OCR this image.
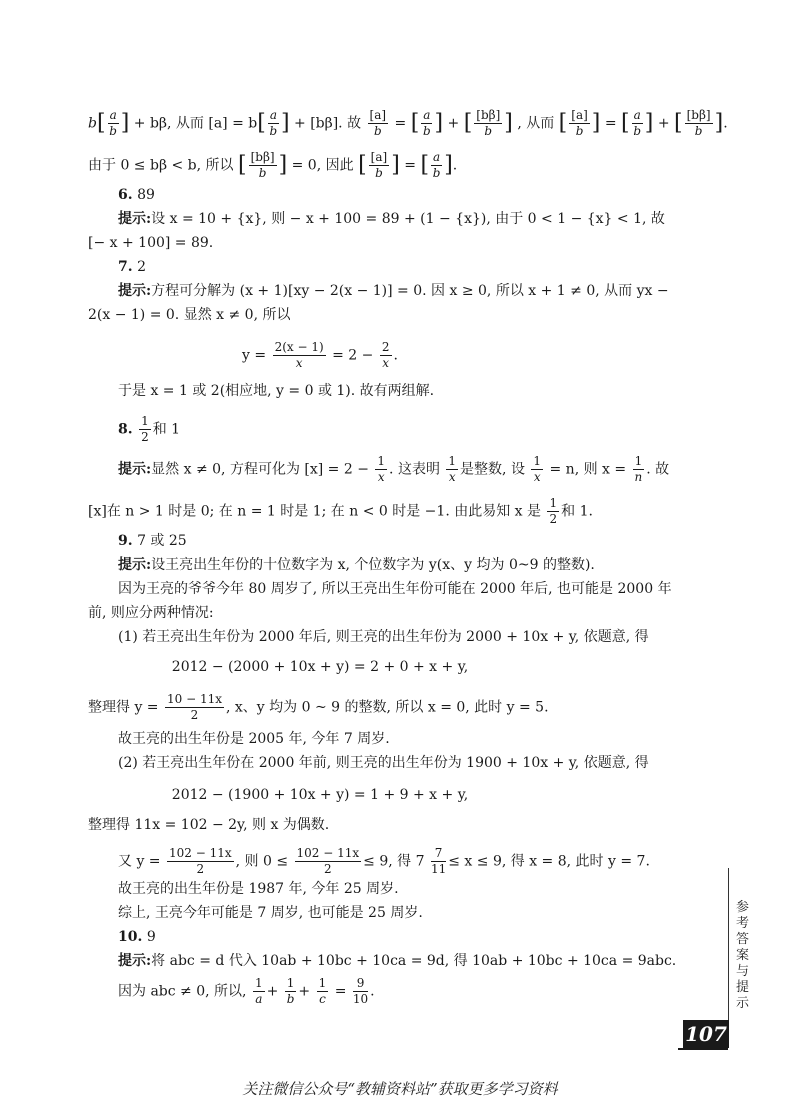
$b[ \frac{a}{b}$ ] + bβ, 从而 $[a] = b[ \frac{a}{b}$ ] + [bβ]. 故 $\frac{[a]}{b}$ = [ $\frac{a}{b}$ ] + [ $\frac{[b\beta]}{b}$ ] , 从而 [ $\frac{[a]}{b}$ ] = [ $\frac{a}{b}$ ] + [ $\frac{[b\beta]}{b}$ ].
由于 0 ≤ bβ < b, 所以 [ $\frac{[b\beta]}{b}$ ] = 0, 因此 [ $\frac{[a]}{b}$ ] = [ $\frac{a}{b}$ ].
6. 89
提示:设 x = 10 + {x}, 则 − x + 100 = 89 + (1 − {x}), 由于 0 < 1 − {x} < 1, 故
[− x + 100] = 89.
7. 2
提示:方程可分解为 (x + 1)[xy − 2(x − 1)] = 0. 因 x ≥ 0, 所以 x + 1 ≠ 0, 从而 yx −
2(x − 1) = 0. 显然 x ≠ 0, 所以
$y = \frac{2(x - 1)}{x} = 2 - \frac{2}{x}$ .
于是 x = 1 或 2(相应地, y = 0 或 1). 故有两组解.
8. $\frac{1}{2}$ 和 1
提示:显然 x ≠ 0, 方程可化为 $[x] = 2 - \frac{1}{x}$ . 这表明 $\frac{1}{x}$ 是整数, 设 $\frac{1}{x} = n$, 则 $x = \frac{1}{n}$ . 故
[x]在 n > 1 时是 0; 在 n = 1 时是 1; 在 n < 0 时是 −1. 由此易知 x 是 $\frac{1}{2}$ 和 1.
9. 7 或 25
提示:设王亮出生年份的十位数字为 x, 个位数字为 y(x、y 均为 0~9 的整数).
因为王亮的爷爷今年 80 周岁了, 所以王亮出生年份可能在 2000 年后, 也可能是 2000 年
前, 则应分两种情况:
(1) 若王亮出生年份为 2000 年后, 则王亮的出生年份为 2000 + 10x + y, 依题意, 得
2012 − (2000 + 10x + y) = 2 + 0 + x + y,
整理得 $y = \frac{10 - 11x}{2}$ , x、y 均为 0 ~ 9 的整数, 所以 x = 0, 此时 y = 5.
故王亮的出生年份是 2005 年, 今年 7 周岁.
(2) 若王亮出生年份在 2000 年前, 则王亮的出生年份为 1900 + 10x + y, 依题意, 得
2012 − (1900 + 10x + y) = 1 + 9 + x + y,
整理得 11x = 102 − 2y, 则 x 为偶数.
又 $y = \frac{102 - 11x}{2}$ , 则 $0 \le \frac{102 - 11x}{2} \le 9$, 得 $7 \frac{7}{11} \le x \le 9$, 得 x = 8, 此时 y = 7.
故王亮的出生年份是 1987 年, 今年 25 周岁.
综上, 王亮今年可能是 7 周岁, 也可能是 25 周岁.
10. 9
提示:将 abc = d 代入 10ab + 10bc + 10ca = 9d, 得 10ab + 10bc + 10ca = 9abc.
因为 abc ≠ 0, 所以, $\frac{1}{a} + \frac{1}{b} + \frac{1}{c} = \frac{9}{10}$ .
参考答案与提示
107
关注微信公众号“教辅资料站”获取更多学习资料
